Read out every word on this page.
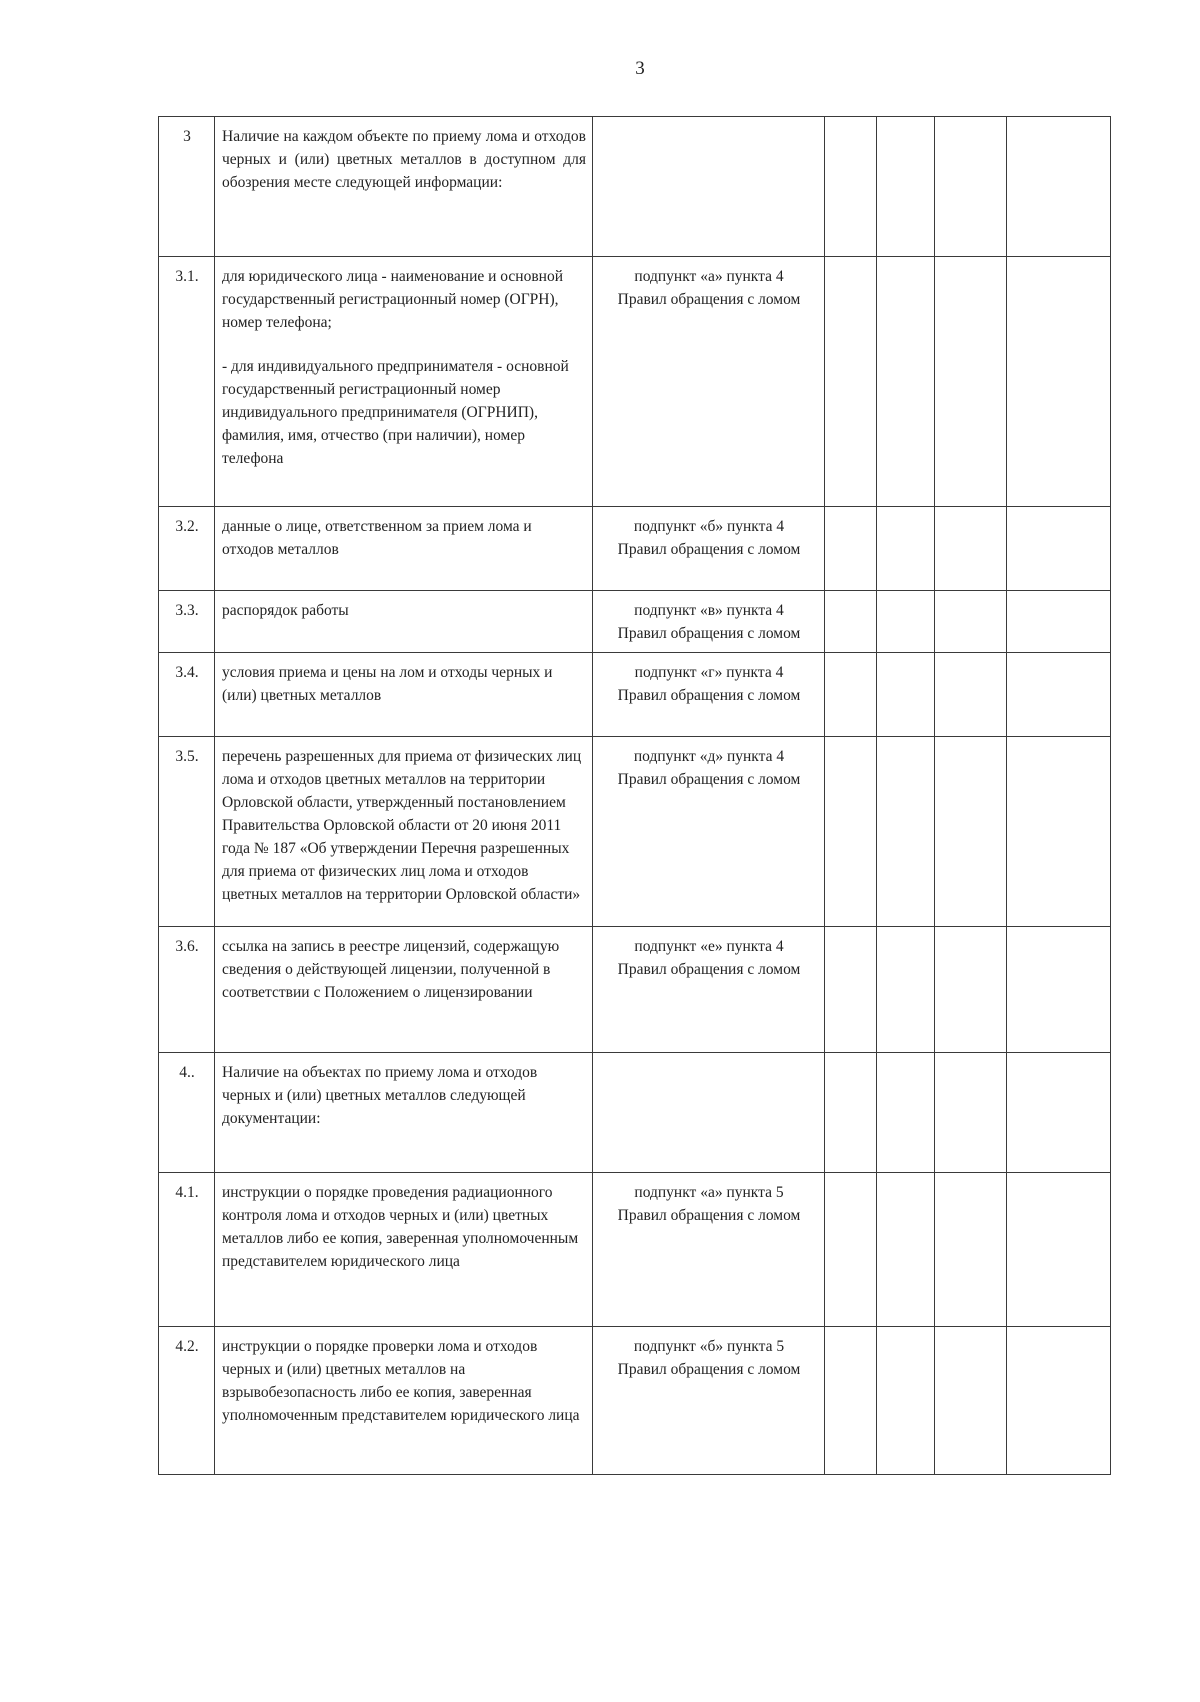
3
3	Наличие на каждом объекте по приему лома и отходов черных и (или) цветных металлов в доступном для обозрения месте следующей информации:					

3.1.	для юридического лица - наименование и основной государственный регистрационный номер (ОГРН), номер телефона;
- для индивидуального предпринимателя - основной государственный регистрационный номер индивидуального предпринимателя (ОГРНИП), фамилия, имя, отчество (при наличии), номер телефона	подпункт «а» пункта 4
Правил обращения с ломом				

3.2.	данные о лице, ответственном за прием лома и отходов металлов	подпункт «б» пункта 4
Правил обращения с ломом				

3.3.	распорядок работы	подпункт «в» пункта 4
Правил обращения с ломом				

3.4.	условия приема и цены на лом и отходы черных и (или) цветных металлов	подпункт «г» пункта 4
Правил обращения с ломом				

3.5.	перечень разрешенных для приема от физических лиц лома и отходов цветных металлов на территории Орловской области, утвержденный постановлением Правительства Орловской области от 20 июня 2011 года № 187 «Об утверждении Перечня разрешенных для приема от физических лиц лома и отходов цветных металлов на территории Орловской области»	подпункт «д» пункта 4
Правил обращения с ломом				

3.6.	ссылка на запись в реестре лицензий, содержащую сведения о действующей лицензии, полученной в соответствии с Положением о лицензировании	подпункт «е» пункта 4
Правил обращения с ломом				

4..	Наличие на объектах по приему лома и отходов черных и (или) цветных металлов следующей документации:					

4.1.	инструкции о порядке проведения радиационного контроля лома и отходов черных и (или) цветных металлов либо ее копия, заверенная уполномоченным представителем юридического лица	подпункт «а» пункта 5
Правил обращения с ломом				

4.2.	инструкции о порядке проверки лома и отходов черных и (или) цветных металлов на взрывобезопасность либо ее копия, заверенная уполномоченным представителем юридического лица	подпункт «б» пункта 5
Правил обращения с ломом				
